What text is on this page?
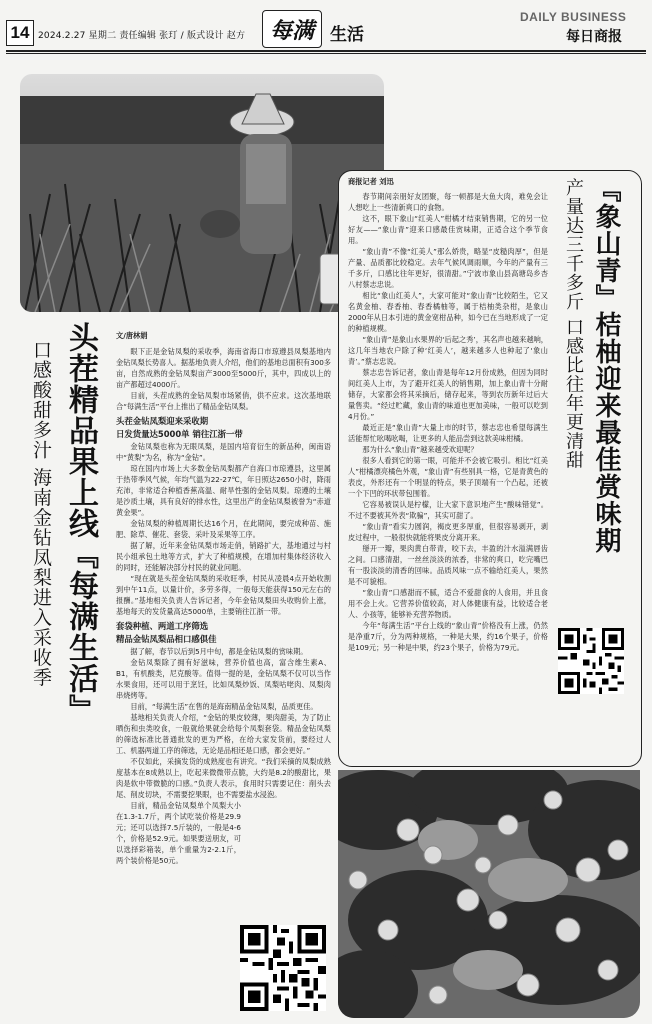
14 2024.2.27 星期二 责任编辑 张玎 / 版式设计 赵方	每满 生活
DAILY BUSINESS
每日商报
头茬精品果上线『每满生活』
口感酸甜多汁 海南金钻凤梨进入采收季

文/唐林娟

眼下正是金钻凤梨的采收季，海南省海口市琼遵县凤梨基地内金钻凤梨长势喜人。据基地负责人介绍，他们的基地总面积有300多亩，自然成熟的金钻凤梨亩产3000至5000斤，其中，四成以上的亩产都超过4000斤。

目前，头茬成熟的金钻凤梨市场紧俏，供不应求。这次基地联合“每满生活”平台上推出了精品金钻凤梨。

头茬金钻凤梨迎来采收期
日发货量达5000单 销往江浙一带

金钻凤梨也称为无眼凤梨，是国内培育衍生的新品种，闽南语中“黄梨”为名，称为“金钻”。

琼在国内市场上大多数金钻凤梨都产自海口市琼遵县，这里属于热带季风气候，年均气温为22-27℃，年日照达2650小时，降雨充沛，非常适合种植香蕉高温、耐旱性强的金钻凤梨。琼遵的土壤是沙质土壤，具有良好的排水性，这里出产的金钻凤梨被誉为“赤道黄金果”。

金钻凤梨的种植周期长达16个月，在此期间，要完成种苗、施肥、除草、催花、套袋、采叶及采果等工序。

据了解，近年来金钻凤梨市场走俏，销路扩大，基地通过与村民小组承包土地等方式，扩大了种植规模，在增加村集体经济收入的同时，还能解决部分村民的就业问题。

“现在就是头茬金钻凤梨的采收旺季，村民从凌晨4点开始收割到中午11点，以量计价，多劳多得，一般每天能获得150元左右的报酬。”基地相关负责人告诉记者，今年金钻凤梨田头收购价上涨，基地每天的发货量高达5000单，主要销往江浙一带。

套袋种植、两道工序筛选
精品金钻凤梨品相口感俱佳

据了解，春节以后到5月中旬，都是金钻凤梨的赏味期。

金钻凤梨除了拥有好滋味，营养价值也高，富含维生素A、B1，有机酸类，尼克酸等。值得一提的是，金钻凤梨不仅可以当作水果食用，还可以用于烹饪，比如凤梨炒饭、凤梨咕咾肉、凤梨肉串烧烤等。

目前，“每满生活”在售的是海南精品金钻凤梨，品质更佳。

基地相关负责人介绍，“金钻的果皮较薄，果肉甜美，为了防止晒伤和虫类咬食，一般就给果就会给每个凤梨套袋。精品金钻凤梨的筛选标准比普通批发的更为严格，在给大家发货前，要经过人工、机器两道工序的筛选，无论是品相还是口感，都会更好。”

不仅如此，采摘发货的成熟度也有讲究。“我们采摘的凤梨成熟度基本在8成熟以上，吃起来微微带点脆，大约是8.2的酸甜比，果肉是软中带微脆的口感。”负责人表示，食用时只需要记住：削头去尾、削皮切块，不需要挖果眼，也不需要盐水浸泡。

目前，精品金钻凤梨单个凤梨大小在1.3-1.7斤，两个试吃装价格是29.9元；还可以选择7.5斤装的，一般是4-6个，价格是52.9元。如果要送朋友，可以选择彩箱装，单个重量为2-2.1斤，两个装价格是50元。

『象山青』桔柚迎来最佳赏味期
产量达三千多斤 口感比往年更清甜

商报记者 刘迅

春节期间亲朋好友团聚，每一顿都是大鱼大肉，难免会让人想吃上一些清新爽口的食物。

这不，眼下象山“红美人”柑橘才结束销售期，它的另一位好友——“象山青”迎来口感最佳赏味期，正适合这个季节食用。

“象山青”不像“红美人”那么娇贵，略显“皮糙肉厚”，但是产量、品质都比较稳定。去年气候风调雨顺，今年的产量有三千多斤，口感比往年更好，很清甜。”宁波市象山县高塘岛乡杏八村蔡志忠说。

相比“象山红美人”，大家可能对“象山青”比较陌生，它又名黄金柚、春香柚、春香橘柚等，属于桔柚类杂柑，是象山2000年从日本引进的黄金宽柑品种，如今已在当地形成了一定的种植规模。

“象山青”是象山水果界的‘后起之秀’，其名声也越来越响，这几年当地农户除了种‘红美人’，越来越多人也种起了‘象山青’。”蔡志忠说。

蔡志忠告诉记者，象山青是每年12月份成熟，但因为同时间红美人上市，为了避开红美人的销售期，加上象山青十分耐储存，大家都会将其采摘后，储存起来，等到农历新年过后大量售卖。“经过贮藏，象山青的味道也更加美味，一般可以吃到4月份。”

最近正是“象山青”大量上市的时节，蔡志忠也希望每满生活能帮忙吆喝吆喝，让更多的人能品尝到这款美味柑橘。

那为什么“象山青”越来越受欢迎呢？

很多人看到它的第一眼，可能并不会被它吸引。相比“红美人”柑橘漂亮橘色外观，“象山青”有些别具一格，它是青黄色的表皮，外形还有一个明显的特点，果子顶端有一个凸起，还被一个下凹的环状带包围着。

它容易被误认是柠檬，让大家下意识地产生“酸味错觉”。不过不要被其外表“欺骗”，其实可甜了。

“象山青”看实力圆润，褐皮更多厚重，但很容易剥开，剥皮过程中，一般很快就能将果皮分离开来。

掰开一瓣，果肉黄白带青，咬下去，丰盈的汁水溢满唇齿之间。口感清甜，一丝丝淡淡的浓香，非常的爽口，吃完嘴巴有一股淡淡的清香的回味。品质风味一点不输给红美人，果然是不可貌相。

“象山青”口感甜而不腻，适合不爱甜食的人食用，并且食用不会上火。它营养价值较高，对人体健康有益，比较适合老人、小孩等，能够补充营养物质。

今年“每满生活”平台上线的“象山青”价格没有上涨，仍然是净重7斤，分为两种规格，一种是大果，约16个果子，价格是109元；另一种是中果，约23个果子，价格为79元。
